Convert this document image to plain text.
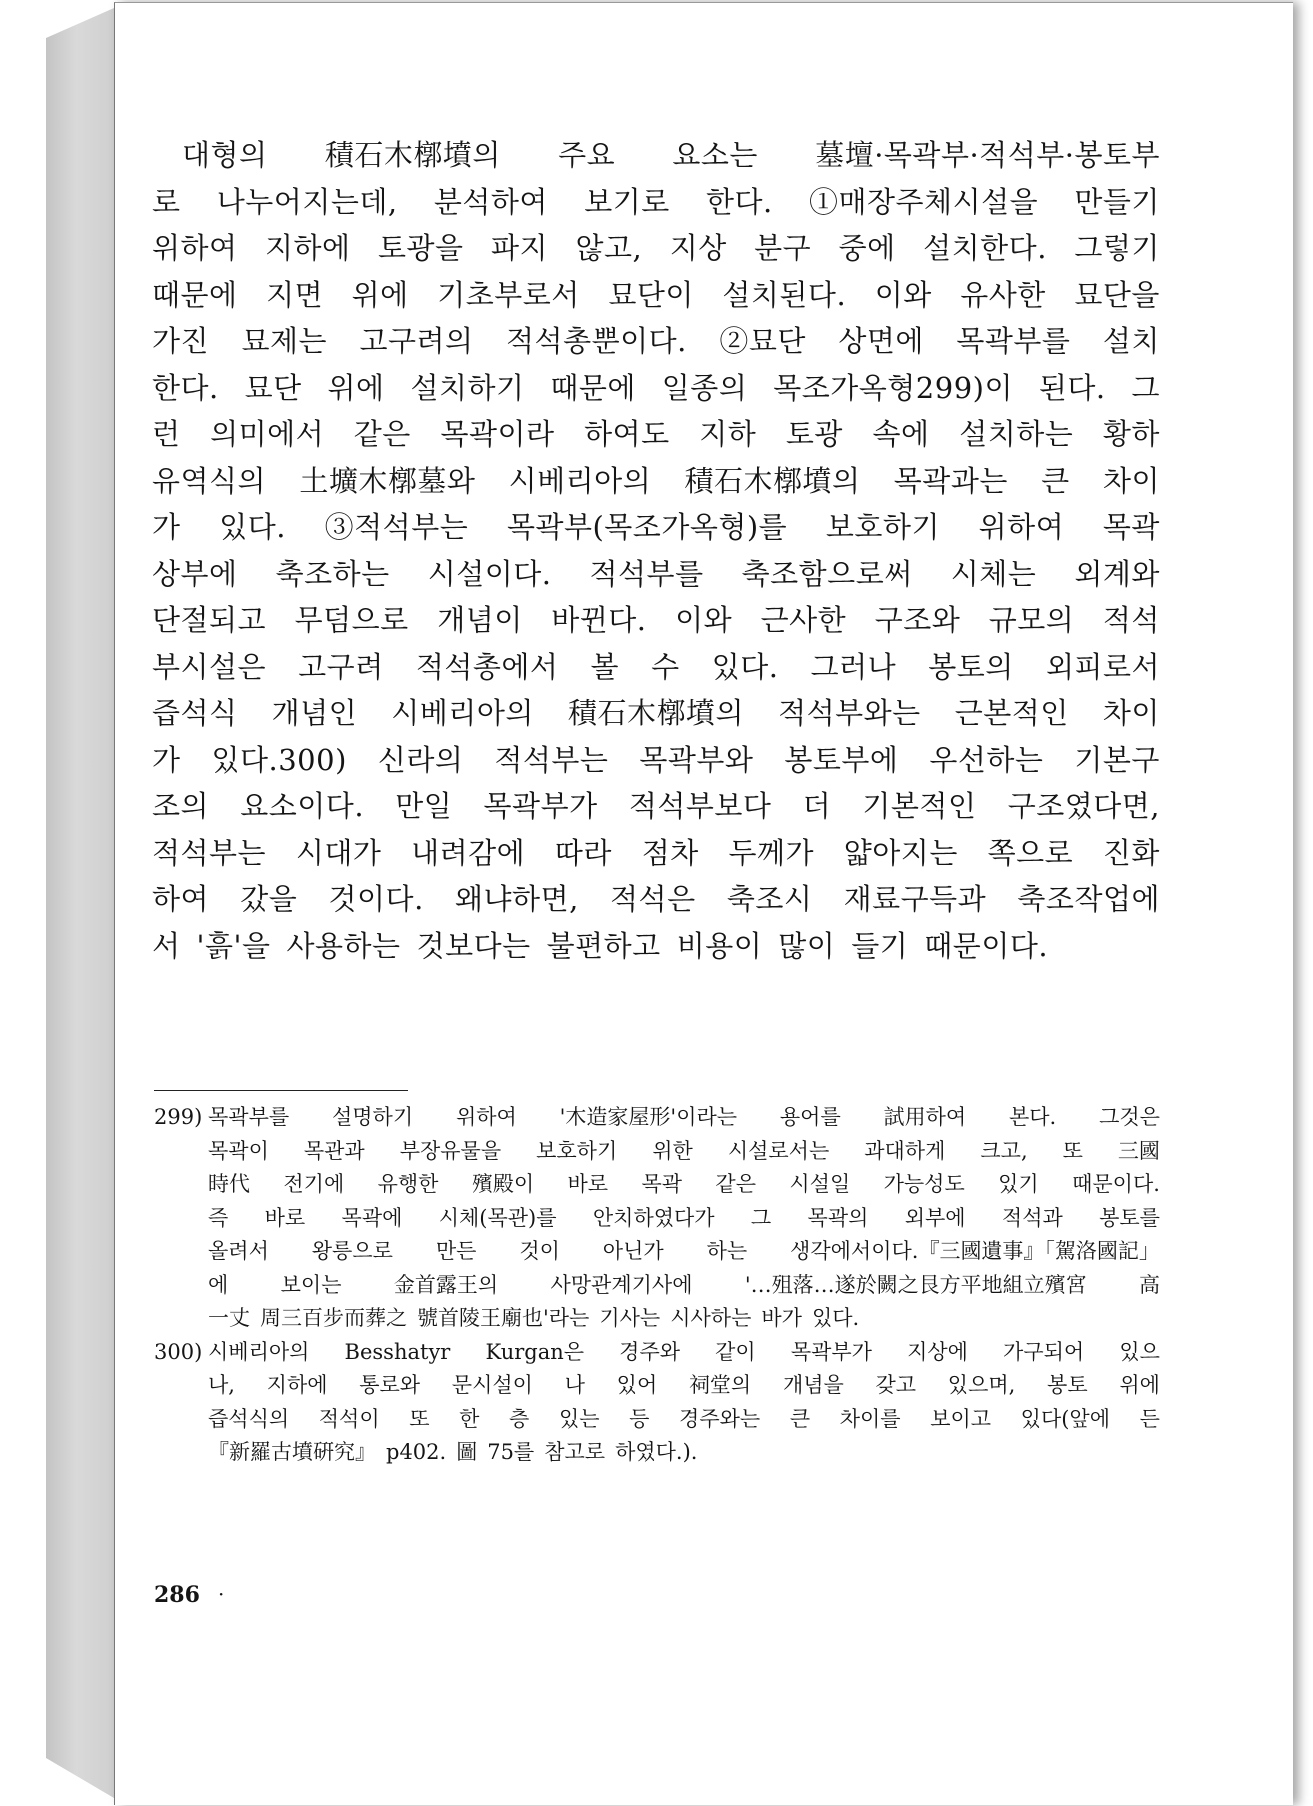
대형의 積石木槨墳의 주요 요소는 墓壇·목곽부·적석부·봉토부
로 나누어지는데, 분석하여 보기로 한다. ①매장주체시설을 만들기
위하여 지하에 토광을 파지 않고, 지상 분구 중에 설치한다. 그렇기
때문에 지면 위에 기초부로서 묘단이 설치된다. 이와 유사한 묘단을
가진 묘제는 고구려의 적석총뿐이다. ②묘단 상면에 목곽부를 설치
한다. 묘단 위에 설치하기 때문에 일종의 목조가옥형299)이 된다. 그
런 의미에서 같은 목곽이라 하여도 지하 토광 속에 설치하는 황하
유역식의 土壙木槨墓와 시베리아의 積石木槨墳의 목곽과는 큰 차이
가 있다. ③적석부는 목곽부(목조가옥형)를 보호하기 위하여 목곽
상부에 축조하는 시설이다. 적석부를 축조함으로써 시체는 외계와
단절되고 무덤으로 개념이 바뀐다. 이와 근사한 구조와 규모의 적석
부시설은 고구려 적석총에서 볼 수 있다. 그러나 봉토의 외피로서
즙석식 개념인 시베리아의 積石木槨墳의 적석부와는 근본적인 차이
가 있다.300) 신라의 적석부는 목곽부와 봉토부에 우선하는 기본구
조의 요소이다. 만일 목곽부가 적석부보다 더 기본적인 구조였다면,
적석부는 시대가 내려감에 따라 점차 두께가 얇아지는 쪽으로 진화
하여 갔을 것이다. 왜냐하면, 적석은 축조시 재료구득과 축조작업에
서 '흙'을 사용하는 것보다는 불편하고 비용이 많이 들기 때문이다.
299) 목곽부를 설명하기 위하여 '木造家屋形'이라는 용어를 試用하여 본다. 그것은
목곽이 목관과 부장유물을 보호하기 위한 시설로서는 과대하게 크고, 또 三國
時代 전기에 유행한 殯殿이 바로 목곽 같은 시설일 가능성도 있기 때문이다.
즉 바로 목곽에 시체(목관)를 안치하였다가 그 목곽의 외부에 적석과 봉토를
올려서 왕릉으로 만든 것이 아닌가 하는 생각에서이다.『三國遺事』「駕洛國記」
에 보이는 金首露王의 사망관계기사에 '…殂落…遂於闕之艮方平地組立殯宮 高
一丈 周三百步而葬之 號首陵王廟也'라는 기사는 시사하는 바가 있다.
300) 시베리아의 Besshatyr Kurgan은 경주와 같이 목곽부가 지상에 가구되어 있으
나, 지하에 통로와 문시설이 나 있어 祠堂의 개념을 갖고 있으며, 봉토 위에
즙석식의 적석이 또 한 층 있는 등 경주와는 큰 차이를 보이고 있다(앞에 든
『新羅古墳硏究』 p402. 圖 75를 참고로 하였다.).
286 ·
